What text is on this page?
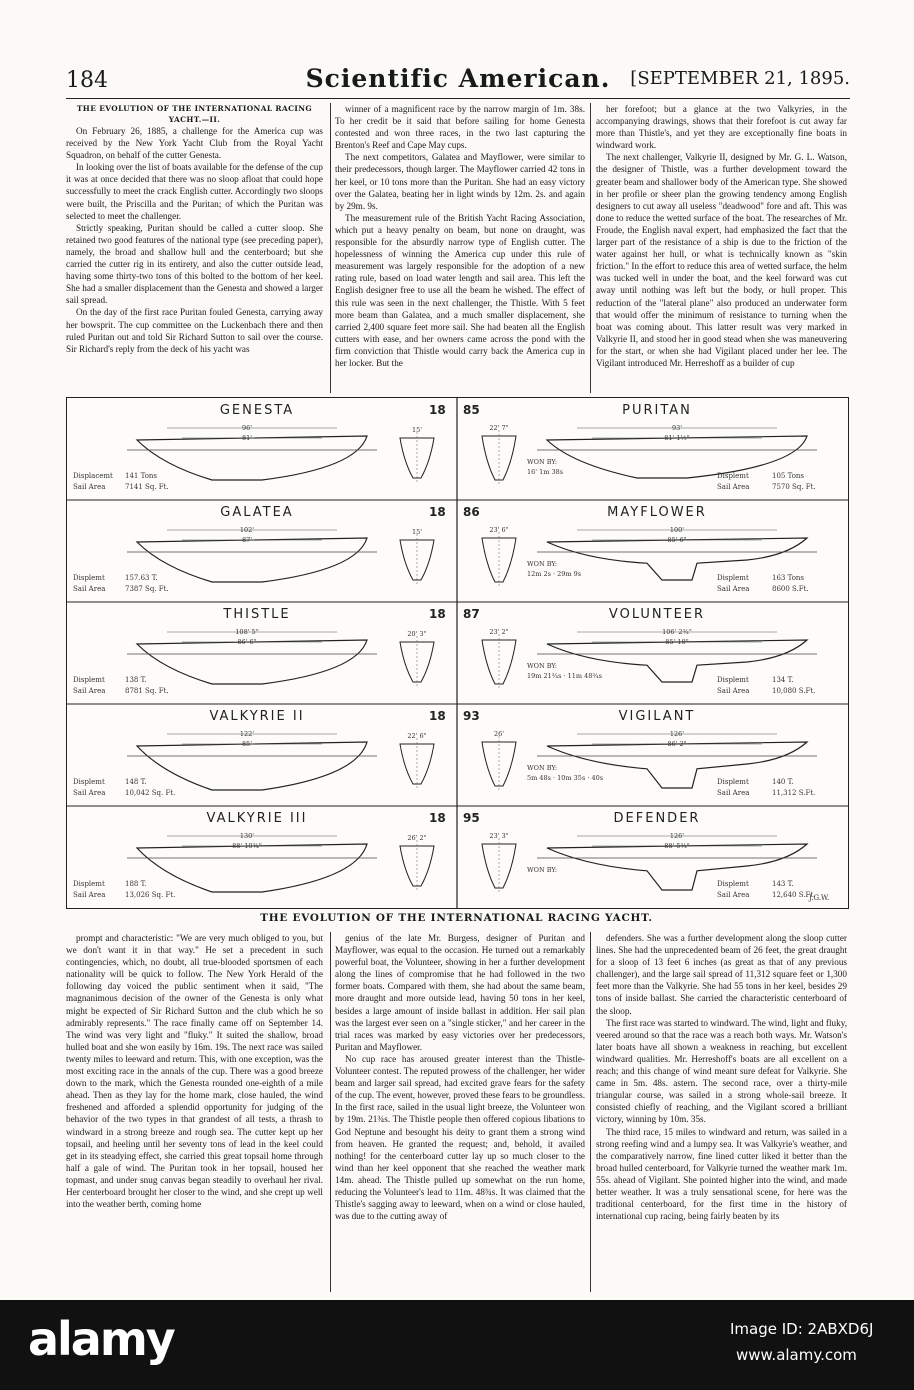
184	Scientific American.	[SEPTEMBER 21, 1895.

THE EVOLUTION OF THE INTERNATIONAL RACING YACHT.—II.

On February 26, 1885, a challenge for the America cup was received by the New York Yacht Club from the Royal Yacht Squadron, on behalf of the cutter Genesta.

In looking over the list of boats available for the defense of the cup it was at once decided that there was no sloop afloat that could hope successfully to meet the crack English cutter. Accordingly two sloops were built, the Priscilla and the Puritan; of which the Puritan was selected to meet the challenger.

Strictly speaking, Puritan should be called a cutter sloop. She retained two good features of the national type (see preceding paper), namely, the broad and shallow hull and the centerboard; but she carried the cutter rig in its entirety, and also the cutter outside lead, having some thirty-two tons of this bolted to the bottom of her keel. She had a smaller displacement than the Genesta and showed a larger sail spread.

On the day of the first race Puritan fouled Genesta, carrying away her bowsprit. The cup committee on the Luckenbach there and then ruled Puritan out and told Sir Richard Sutton to sail over the course. Sir Richard's reply from the deck of his yacht was

winner of a magnificent race by the narrow margin of 1m. 38s. To her credit be it said that before sailing for home Genesta contested and won three races, in the two last capturing the Brenton's Reef and Cape May cups.

The next competitors, Galatea and Mayflower, were similar to their predecessors, though larger. The Mayflower carried 42 tons in her keel, or 10 tons more than the Puritan. She had an easy victory over the Galatea, beating her in light winds by 12m. 2s. and again by 29m. 9s.

The measurement rule of the British Yacht Racing Association, which put a heavy penalty on beam, but none on draught, was responsible for the absurdly narrow type of English cutter. The hopelessness of winning the America cup under this rule of measurement was largely responsible for the adoption of a new rating rule, based on load water length and sail area. This left the English designer free to use all the beam he wished. The effect of this rule was seen in the next challenger, the Thistle. With 5 feet more beam than Galatea, and a much smaller displacement, she carried 2,400 square feet more sail. She had beaten all the English cutters with ease, and her owners came across the pond with the firm conviction that Thistle would carry back the America cup in her locker. But the

her forefoot; but a glance at the two Valkyries, in the accompanying drawings, shows that their forefoot is cut away far more than Thistle's, and yet they are exceptionally fine boats in windward work.

The next challenger, Valkyrie II, designed by Mr. G. L. Watson, the designer of Thistle, was a further development toward the greater beam and shallower body of the American type. She showed in her profile or sheer plan the growing tendency among English designers to cut away all useless "deadwood" fore and aft. This was done to reduce the wetted surface of the boat. The researches of Mr. Froude, the English naval expert, had emphasized the fact that the larger part of the resistance of a ship is due to the friction of the water against her hull, or what is technically known as "skin friction." In the effort to reduce this area of wetted surface, the helm was tucked well in under the boat, and the keel forward was cut away until nothing was left but the body, or hull proper. This reduction of the "lateral plane" also produced an underwater form that would offer the minimum of resistance to turning when the boat was coming about. This latter result was very marked in Valkyrie II, and stood her in good stead when she was maneuvering for the start, or when she had Vigilant placed under her lee. The Vigilant introduced Mr. Herreshoff as a builder of cup

GENESTA	18
96'
81'
15'
Displacemt 141 Tons
Sail Area	7141 Sq. Ft.
GALATEA	18
102'
87'
15'
Displemt	157.63 T.
Sail Area	7387 Sq. Ft.
THISTLE	18
108' 5"
86' 6"
20' 3"
Displemt	138 T.
Sail Area	8781 Sq. Ft.
VALKYRIE II	18
122'
85'
22' 6"
Displemt	148 T.
Sail Area	10,042 Sq. Ft.
VALKYRIE III	18
130'
88' 10¾"
26' 2"
Displemt	188 T.
Sail Area	13,026 Sq. Ft.
85	PURITAN
22' 7"	93'
81' 1½"
WON BY:
16' 1m 38s	Displemt	105 Tons
Sail Area	7570 Sq. Ft.
86	MAYFLOWER
23' 6"	100'
85' 6"
WON BY:
12m 2s · 29m 9s	Displemt	163 Tons
Sail Area	8600 S.Ft.
87	VOLUNTEER
23' 2"	106' 2¾"
85' 10"
WON BY:
19m 21¾s · 11m 48¾s	Displemt	134 T.
Sail Area	10,080 S.Ft.
93	VIGILANT
26'	126'
86' 2"
WON BY:
5m 48s · 10m 35s · 40s	Displemt	140 T.
Sail Area	11,312 S.Ft.
95	DEFENDER
23' 3"	126'
88' 5¾"
WON BY:
Displemt	143 T.
Sail Area	12,640 S.Ft.
J.G.W.
THE EVOLUTION OF THE INTERNATIONAL RACING YACHT.

prompt and characteristic: "We are very much obliged to you, but we don't want it in that way." He set a precedent in such contingencies, which, no doubt, all true-blooded sportsmen of each nationality will be quick to follow. The New York Herald of the following day voiced the public sentiment when it said, "The magnanimous decision of the owner of the Genesta is only what might be expected of Sir Richard Sutton and the club which he so admirably represents." The race finally came off on September 14. The wind was very light and "fluky." It suited the shallow, broad hulled boat and she won easily by 16m. 19s. The next race was sailed twenty miles to leeward and return. This, with one exception, was the most exciting race in the annals of the cup. There was a good breeze down to the mark, which the Genesta rounded one-eighth of a mile ahead. Then as they lay for the home mark, close hauled, the wind freshened and afforded a splendid opportunity for judging of the behavior of the two types in that grandest of all tests, a thrash to windward in a strong breeze and rough sea. The cutter kept up her topsail, and heeling until her seventy tons of lead in the keel could get in its steadying effect, she carried this great topsail home through half a gale of wind. The Puritan took in her topsail, housed her topmast, and under snug canvas began steadily to overhaul her rival. Her centerboard brought her closer to the wind, and she crept up well into the weather berth, coming home

genius of the late Mr. Burgess, designer of Puritan and Mayflower, was equal to the occasion. He turned out a remarkably powerful boat, the Volunteer, showing in her a further development along the lines of compromise that he had followed in the two former boats. Compared with them, she had about the same beam, more draught and more outside lead, having 50 tons in her keel, besides a large amount of inside ballast in addition. Her sail plan was the largest ever seen on a "single sticker," and her career in the trial races was marked by easy victories over her predecessors, Puritan and Mayflower.

No cup race has aroused greater interest than the Thistle-Volunteer contest. The reputed prowess of the challenger, her wider beam and larger sail spread, had excited grave fears for the safety of the cup. The event, however, proved these fears to be groundless. In the first race, sailed in the usual light breeze, the Volunteer won by 19m. 21¾s. The Thistle people then offered copious libations to God Neptune and besought his deity to grant them a strong wind from heaven. He granted the request; and, behold, it availed nothing! for the centerboard cutter lay up so much closer to the wind than her keel opponent that she reached the weather mark 14m. ahead. The Thistle pulled up somewhat on the run home, reducing the Volunteer's lead to 11m. 48¾s. It was claimed that the Thistle's sagging away to leeward, when on a wind or close hauled, was due to the cutting away of

defenders. She was a further development along the sloop cutter lines. She had the unprecedented beam of 26 feet, the great draught for a sloop of 13 feet 6 inches (as great as that of any previous challenger), and the large sail spread of 11,312 square feet or 1,300 feet more than the Valkyrie. She had 55 tons in her keel, besides 29 tons of inside ballast. She carried the characteristic centerboard of the sloop.

The first race was started to windward. The wind, light and fluky, veered around so that the race was a reach both ways. Mr. Watson's later boats have all shown a weakness in reaching, but excellent windward qualities. Mr. Herreshoff's boats are all excellent on a reach; and this change of wind meant sure defeat for Valkyrie. She came in 5m. 48s. astern. The second race, over a thirty-mile triangular course, was sailed in a strong whole-sail breeze. It consisted chiefly of reaching, and the Vigilant scored a brilliant victory, winning by 10m. 35s.

The third race, 15 miles to windward and return, was sailed in a strong reefing wind and a lumpy sea. It was Valkyrie's weather, and the comparatively narrow, fine lined cutter liked it better than the broad hulled centerboard, for Valkyrie turned the weather mark 1m. 55s. ahead of Vigilant. She pointed higher into the wind, and made better weather. It was a truly sensational scene, for here was the traditional centerboard, for the first time in the history of international cup racing, being fairly beaten by its

alamy	Image ID: 2ABXD6J
www.alamy.com
